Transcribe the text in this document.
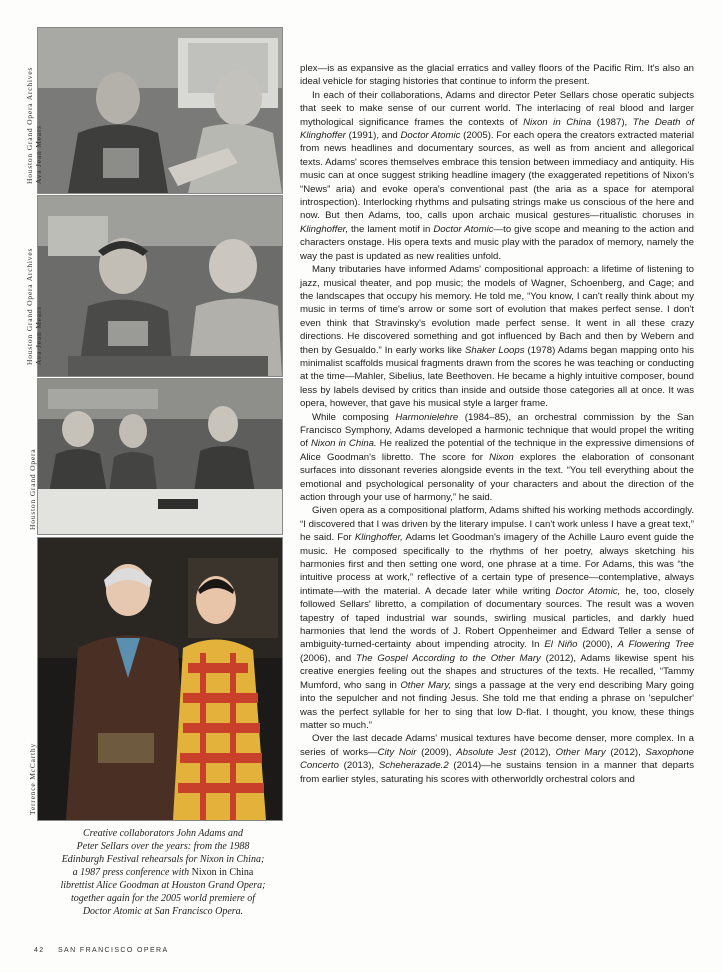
Houston Grand Opera Archives Ava Jean Mears
Houston Grand Opera Archives Ava Jean Mears
Houston Grand Opera
Terrence McCarthy

Creative collaborators John Adams and

Peter Sellars over the years: from the 1988

Edinburgh Festival rehearsals for Nixon in China;

a 1987 press conference with Nixon in China

librettist Alice Goodman at Houston Grand Opera;

together again for the 2005 world premiere of

Doctor Atomic at San Francisco Opera.

plex—is as expansive as the glacial erratics and valley floors of the Pacific Rim. It's also an ideal vehicle for staging histories that continue to inform the present.

In each of their collaborations, Adams and director Peter Sellars chose operatic subjects that seek to make sense of our current world. The interlacing of real blood and larger mythological significance frames the contexts of Nixon in China (1987), The Death of Klinghoffer (1991), and Doctor Atomic (2005). For each opera the creators extracted material from news headlines and documentary sources, as well as from ancient and allegorical texts. Adams' scores themselves embrace this tension between immediacy and antiquity. His music can at once suggest striking headline imagery (the exaggerated repetitions of Nixon's “News” aria) and evoke opera's conventional past (the aria as a space for atemporal introspection). Interlocking rhythms and pulsating strings make us conscious of the here and now. But then Adams, too, calls upon archaic musical gestures—ritualistic choruses in Klinghoffer, the lament motif in Doctor Atomic—to give scope and meaning to the action and characters onstage. His opera texts and music play with the paradox of memory, namely the way the past is updated as new realities unfold.

Many tributaries have informed Adams' compositional approach: a lifetime of listening to jazz, musical theater, and pop music; the models of Wagner, Schoenberg, and Cage; and the landscapes that occupy his memory. He told me, “You know, I can't really think about my music in terms of time's arrow or some sort of evolution that makes perfect sense. I don't even think that Stravinsky's evolution made perfect sense. It went in all these crazy directions. He discovered something and got influenced by Bach and then by Webern and then by Gesualdo.” In early works like Shaker Loops (1978) Adams began mapping onto his minimalist scaffolds musical fragments drawn from the scores he was teaching or conducting at the time—Mahler, Sibelius, late Beethoven. He became a highly intuitive composer, bound less by labels devised by critics than inside and outside those categories all at once. It was opera, however, that gave his musical style a larger frame.

While composing Harmonielehre (1984–85), an orchestral commission by the San Francisco Symphony, Adams developed a harmonic technique that would propel the writing of Nixon in China. He realized the potential of the technique in the expressive dimensions of Alice Goodman's libretto. The score for Nixon explores the elaboration of consonant surfaces into dissonant reveries alongside events in the text. “You tell everything about the emotional and psychological personality of your characters and about the direction of the action through your use of harmony,” he said.

Given opera as a compositional platform, Adams shifted his working methods accordingly. “I discovered that I was driven by the literary impulse. I can't work unless I have a great text,” he said. For Klinghoffer, Adams let Goodman's imagery of the Achille Lauro event guide the music. He composed specifically to the rhythms of her poetry, always sketching his harmonies first and then setting one word, one phrase at a time. For Adams, this was “the intuitive process at work,” reflective of a certain type of presence—contemplative, always intimate—with the material. A decade later while writing Doctor Atomic, he, too, closely followed Sellars' libretto, a compilation of documentary sources. The result was a woven tapestry of taped industrial war sounds, swirling musical particles, and darkly hued harmonies that lend the words of J. Robert Oppenheimer and Edward Teller a sense of ambiguity-turned-certainty about impending atrocity. In El Niño (2000), A Flowering Tree (2006), and The Gospel According to the Other Mary (2012), Adams likewise spent his creative energies feeling out the shapes and structures of the texts. He recalled, “Tammy Mumford, who sang in Other Mary, sings a passage at the very end describing Mary going into the sepulcher and not finding Jesus. She told me that ending a phrase on 'sepulcher' was the perfect syllable for her to sing that low D-flat. I thought, you know, these things matter so much.”

Over the last decade Adams' musical textures have become denser, more complex. In a series of works—City Noir (2009), Absolute Jest (2012), Other Mary (2012), Saxophone Concerto (2013), Scheherazade.2 (2014)—he sustains tension in a manner that departs from earlier styles, saturating his scores with otherworldly orchestral colors and

42 SAN FRANCISCO OPERA
